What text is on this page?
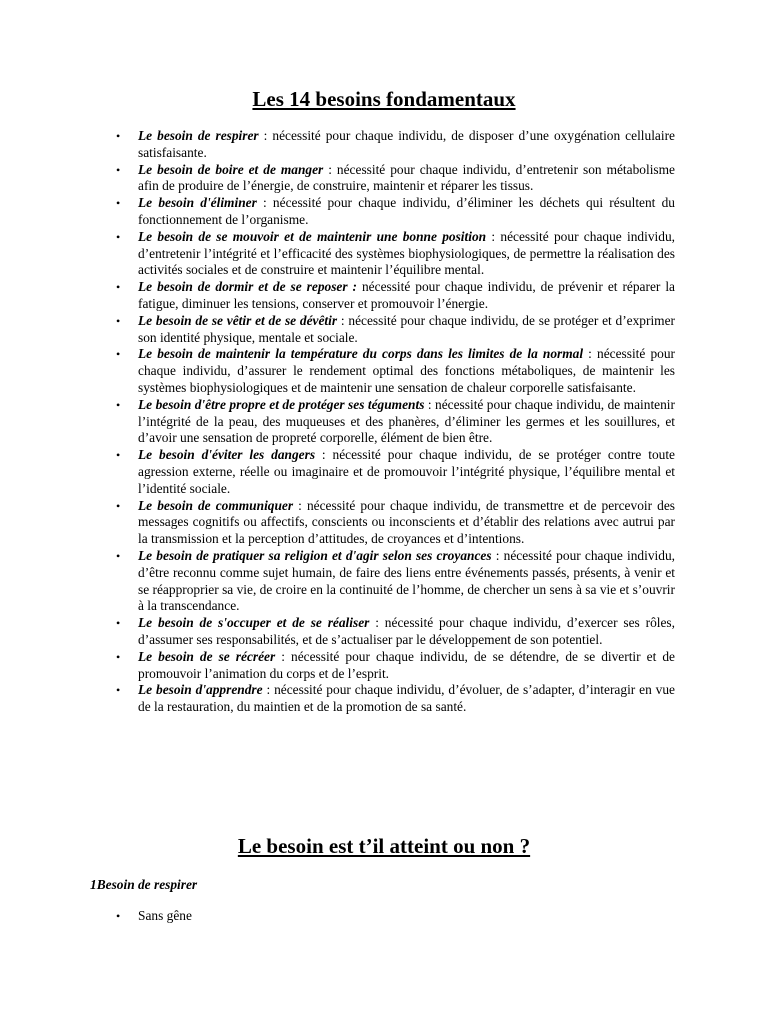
Les 14 besoins fondamentaux
• Le besoin de respirer : nécessité pour chaque individu, de disposer d’une oxygénation cellulaire satisfaisante.
• Le besoin de boire et de manger : nécessité pour chaque individu, d’entretenir son métabolisme afin de produire de l’énergie, de construire, maintenir et réparer les tissus.
• Le besoin d'éliminer : nécessité pour chaque individu, d’éliminer les déchets qui résultent du fonctionnement de l’organisme.
• Le besoin de se mouvoir et de maintenir une bonne position : nécessité pour chaque individu, d’entretenir l’intégrité et l’efficacité des systèmes biophysiologiques, de permettre la réalisation des activités sociales et de construire et maintenir l’équilibre mental.
• Le besoin de dormir et de se reposer : nécessité pour chaque individu, de prévenir et réparer la fatigue, diminuer les tensions, conserver et promouvoir l’énergie.
• Le besoin de se vêtir et de se dévêtir : nécessité pour chaque individu, de se protéger et d’exprimer son identité physique, mentale et sociale.
• Le besoin de maintenir la température du corps dans les limites de la normal : nécessité pour chaque individu, d’assurer le rendement optimal des fonctions métaboliques, de maintenir les systèmes biophysiologiques et de maintenir une sensation de chaleur corporelle satisfaisante.
• Le besoin d'être propre et de protéger ses téguments : nécessité pour chaque individu, de maintenir l’intégrité de la peau, des muqueuses et des phanères, d’éliminer les germes et les souillures, et d’avoir une sensation de propreté corporelle, élément de bien être.
• Le besoin d'éviter les dangers : nécessité pour chaque individu, de se protéger contre toute agression externe, réelle ou imaginaire et de promouvoir l’intégrité physique, l’équilibre mental et l’identité sociale.
• Le besoin de communiquer : nécessité pour chaque individu, de transmettre et de percevoir des messages cognitifs ou affectifs, conscients ou inconscients et d’établir des relations avec autrui par la transmission et la perception d’attitudes, de croyances et d’intentions.
• Le besoin de pratiquer sa religion et d'agir selon ses croyances : nécessité pour chaque individu, d’être reconnu comme sujet humain, de faire des liens entre événements passés, présents, à venir et se réapproprier sa vie, de croire en la continuité de l’homme, de chercher un sens à sa vie et s’ouvrir à la transcendance.
• Le besoin de s'occuper et de se réaliser : nécessité pour chaque individu, d’exercer ses rôles, d’assumer ses responsabilités, et de s’actualiser par le développement de son potentiel.
• Le besoin de se récréer : nécessité pour chaque individu, de se détendre, de se divertir et de promouvoir l’animation du corps et de l’esprit.
• Le besoin d'apprendre : nécessité pour chaque individu, d’évoluer, de s’adapter, d’interagir en vue de la restauration, du maintien et de la promotion de sa santé.
Le besoin est t’il atteint ou non ?

1Besoin de respirer

• Sans gêne
